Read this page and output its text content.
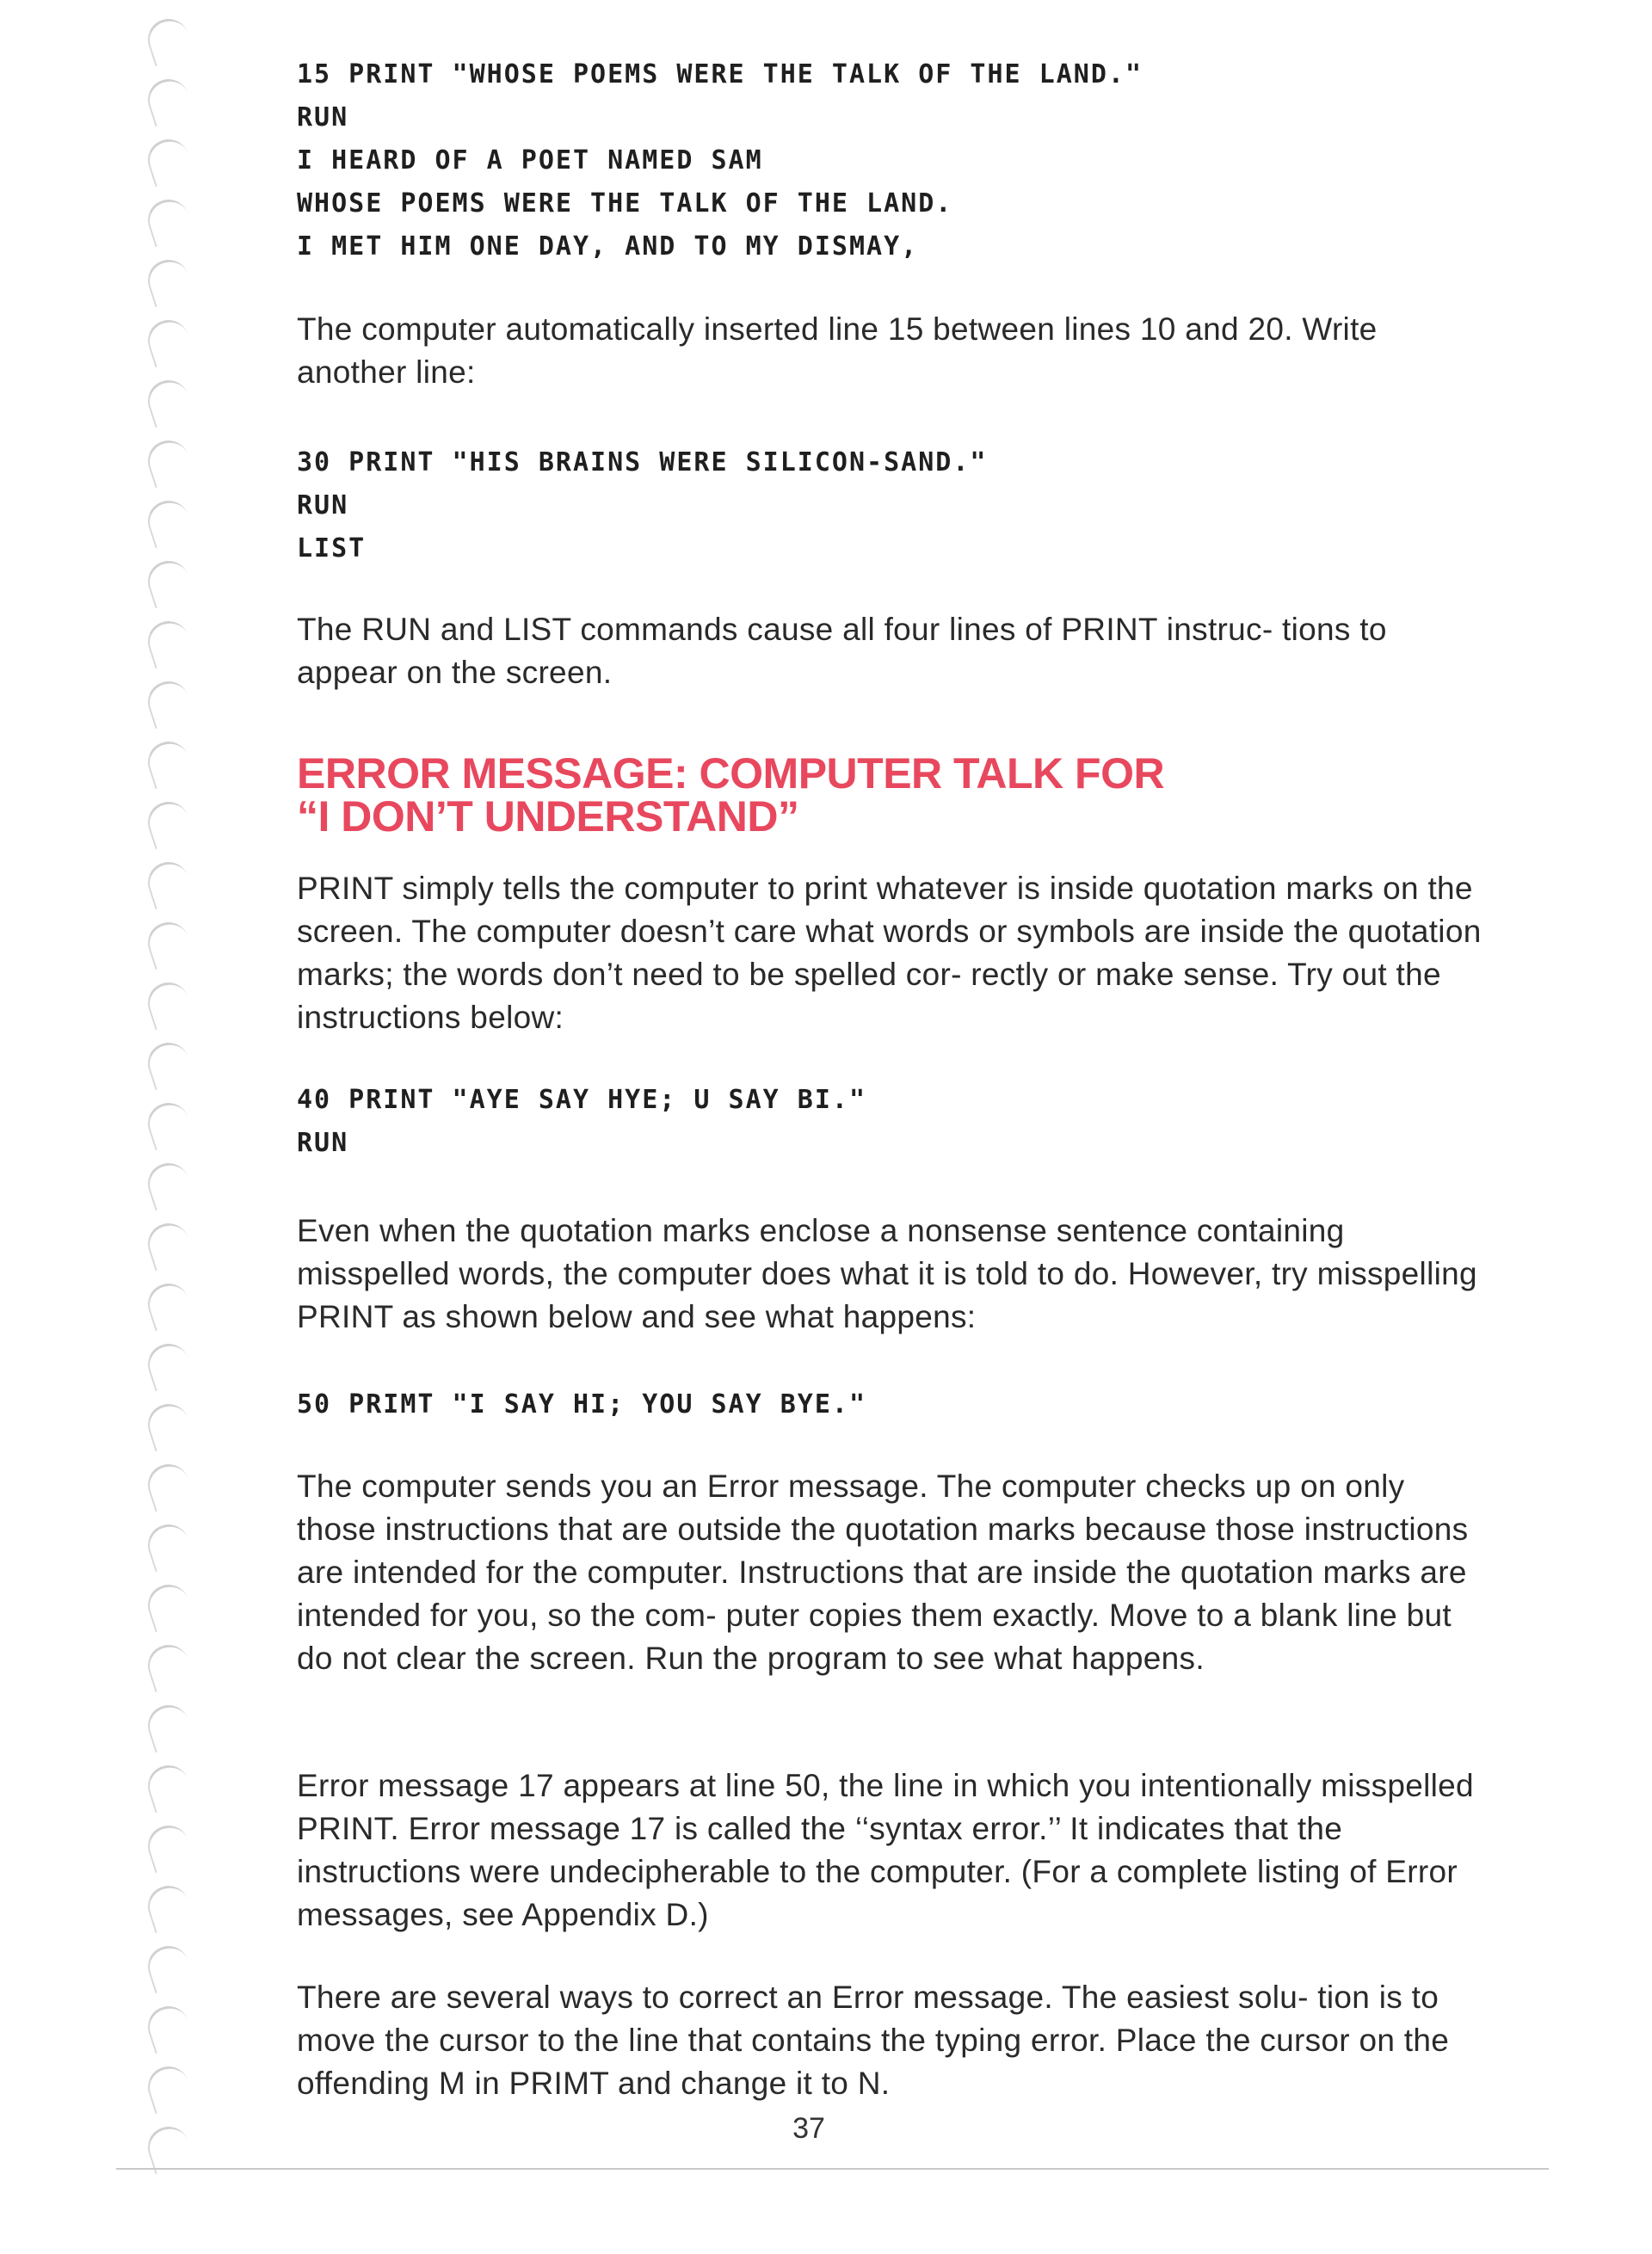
15 PRINT "WHOSE POEMS WERE THE TALK OF THE LAND."
RUN
I HEARD OF A POET NAMED SAM
WHOSE POEMS WERE THE TALK OF THE LAND.
I MET HIM ONE DAY, AND TO MY DISMAY,
The computer automatically inserted line 15 between lines 10 and 20. Write another line:
30 PRINT "HIS BRAINS WERE SILICON-SAND."
RUN
LIST
The RUN and LIST commands cause all four lines of PRINT instruc- tions to appear on the screen.
ERROR MESSAGE: COMPUTER TALK FOR
“I DON’T UNDERSTAND”
PRINT simply tells the computer to print whatever is inside quotation marks on the screen. The computer doesn’t care what words or symbols are inside the quotation marks; the words don’t need to be spelled cor- rectly or make sense. Try out the instructions below:
40 PRINT "AYE SAY HYE; U SAY BI."
RUN
Even when the quotation marks enclose a nonsense sentence containing misspelled words, the computer does what it is told to do. However, try misspelling PRINT as shown below and see what happens:
50 PRIMT "I SAY HI; YOU SAY BYE."
The computer sends you an Error message. The computer checks up on only those instructions that are outside the quotation marks because those instructions are intended for the computer. Instructions that are inside the quotation marks are intended for you, so the com- puter copies them exactly. Move to a blank line but do not clear the screen. Run the program to see what happens.
Error message 17 appears at line 50, the line in which you intentionally misspelled PRINT. Error message 17 is called the ‘‘syntax error.’’ It indicates that the instructions were undecipherable to the computer. (For a complete listing of Error messages, see Appendix D.)
There are several ways to correct an Error message. The easiest solu- tion is to move the cursor to the line that contains the typing error. Place the cursor on the offending M in PRIMT and change it to N.
37
